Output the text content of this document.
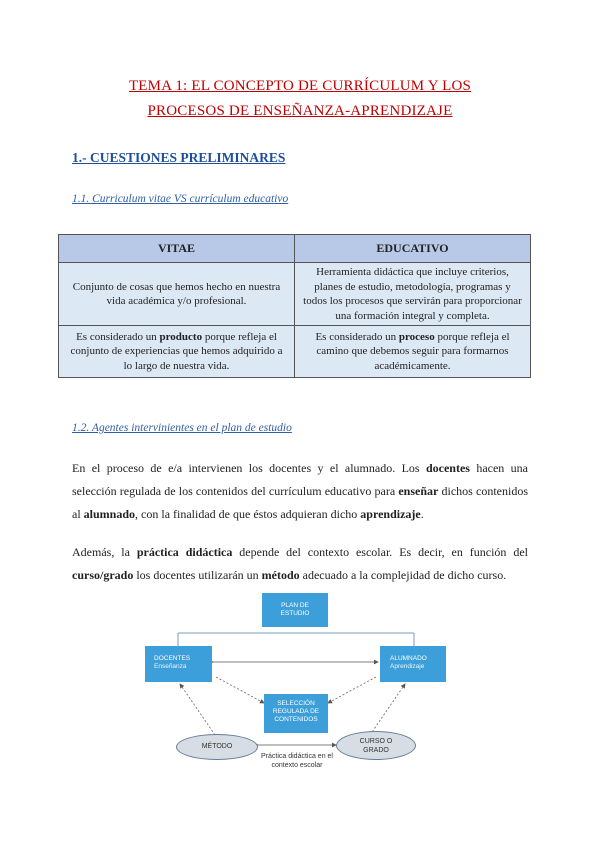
TEMA 1: EL CONCEPTO DE CURRÍCULUM Y LOS
PROCESOS DE ENSEÑANZA-APRENDIZAJE
1.- CUESTIONES PRELIMINARES
1.1. Curriculum vitae VS currículum educativo
VITAE	EDUCATIVO
Conjunto de cosas que hemos hecho en nuestra vida académica y/o profesional.	Herramienta didáctica que incluye criterios, planes de estudio, metodología, programas y todos los procesos que servirán para proporcionar una formación integral y completa.
Es considerado un producto porque refleja el conjunto de experiencias que hemos adquirido a lo largo de nuestra vida.	Es considerado un proceso porque refleja el camino que debemos seguir para formarnos académicamente.
1.2. Agentes intervinientes en el plan de estudio
En el proceso de e/a intervienen los docentes y el alumnado. Los docentes hacen una selección regulada de los contenidos del currículum educativo para enseñar dichos contenidos al alumnado, con la finalidad de que éstos adquieran dicho aprendizaje.
Además, la práctica didáctica depende del contexto escolar. Es decir, en función del curso/grado los docentes utilizarán un método adecuado a la complejidad de dicho curso.
PLAN DE
ESTUDIO
DOCENTES
Enseñanza
ALUMNADO
Aprendizaje
SELECCIÓN
REGULADA DE
CONTENIDOS
MÉTODO
CURSO O
GRADO
Práctica didáctica en el
contexto escolar
